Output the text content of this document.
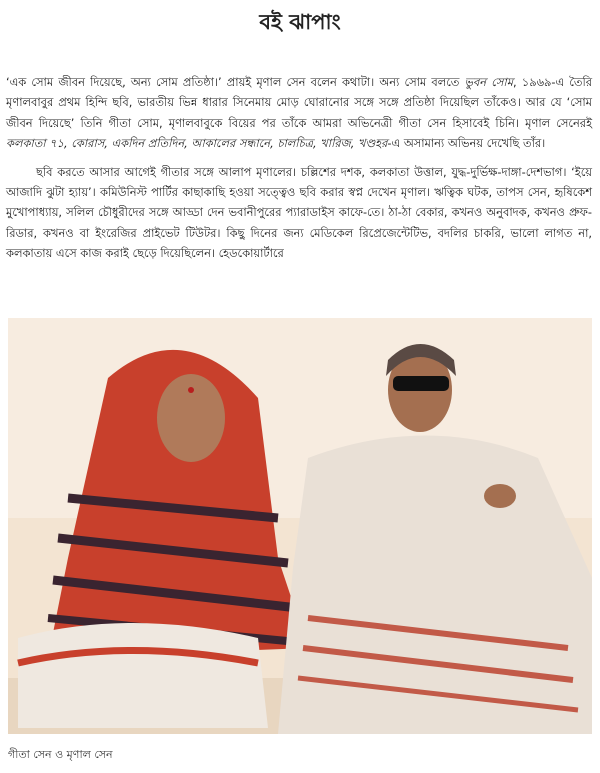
বই ঝাপাং

‘এক সোম জীবন দিয়েছে, অন্য সোম প্রতিষ্ঠা।’ প্রায়ই মৃণাল সেন বলেন কথাটা। অন্য সোম বলতে ভুবন সোম, ১৯৬৯-এ তৈরি মৃণালবাবুর প্রথম হিন্দি ছবি, ভারতীয় ভিন্ন ধারার সিনেমায় মোড় ঘোরানোর সঙ্গে সঙ্গে প্রতিষ্ঠা দিয়েছিল তাঁকেও। আর যে ‘সোম জীবন দিয়েছে’ তিনি গীতা সোম, মৃণালবাবুকে বিয়ের পর তাঁকে আমরা অভিনেত্রী গীতা সেন হিসাবেই চিনি। মৃণাল সেনেরই কলকাতা ৭১, কোরাস, একদিন প্রতিদিন, আকালের সন্ধানে, চালচিত্র, খারিজ, খণ্ডহর-এ অসামান্য অভিনয় দেখেছি তাঁর।

ছবি করতে আসার আগেই গীতার সঙ্গে আলাপ মৃণালের। চল্লিশের দশক, কলকাতা উত্তাল, যুদ্ধ-দুর্ভিক্ষ-দাঙ্গা-দেশভাগ। ‘ইয়ে আজাদি ঝুটা হ্যায়’। কমিউনিস্ট পার্টির কাছাকাছি হওয়া সত্ত্বেও ছবি করার স্বপ্ন দেখেন মৃণাল। ঋত্বিক ঘটক, তাপস সেন, হৃষিকেশ মুখোপাধ্যায়, সলিল চৌধুরীদের সঙ্গে আড্ডা দেন ভবানীপুরের প্যারাডাইস কাফে-তে। ঠা-ঠা বেকার, কখনও অনুবাদক, কখনও প্রুফ-রিডার, কখনও বা ইংরেজির প্রাইভেট টিউটর। কিছু দিনের জন্য মেডিকেল রিপ্রেজেন্টেটিভ, বদলির চাকরি, ভালো লাগত না, কলকাতায় এসে কাজ করাই ছেড়ে দিয়েছিলেন। হেডকোয়ার্টারে

গীতা সেন ও মৃণাল সেন
